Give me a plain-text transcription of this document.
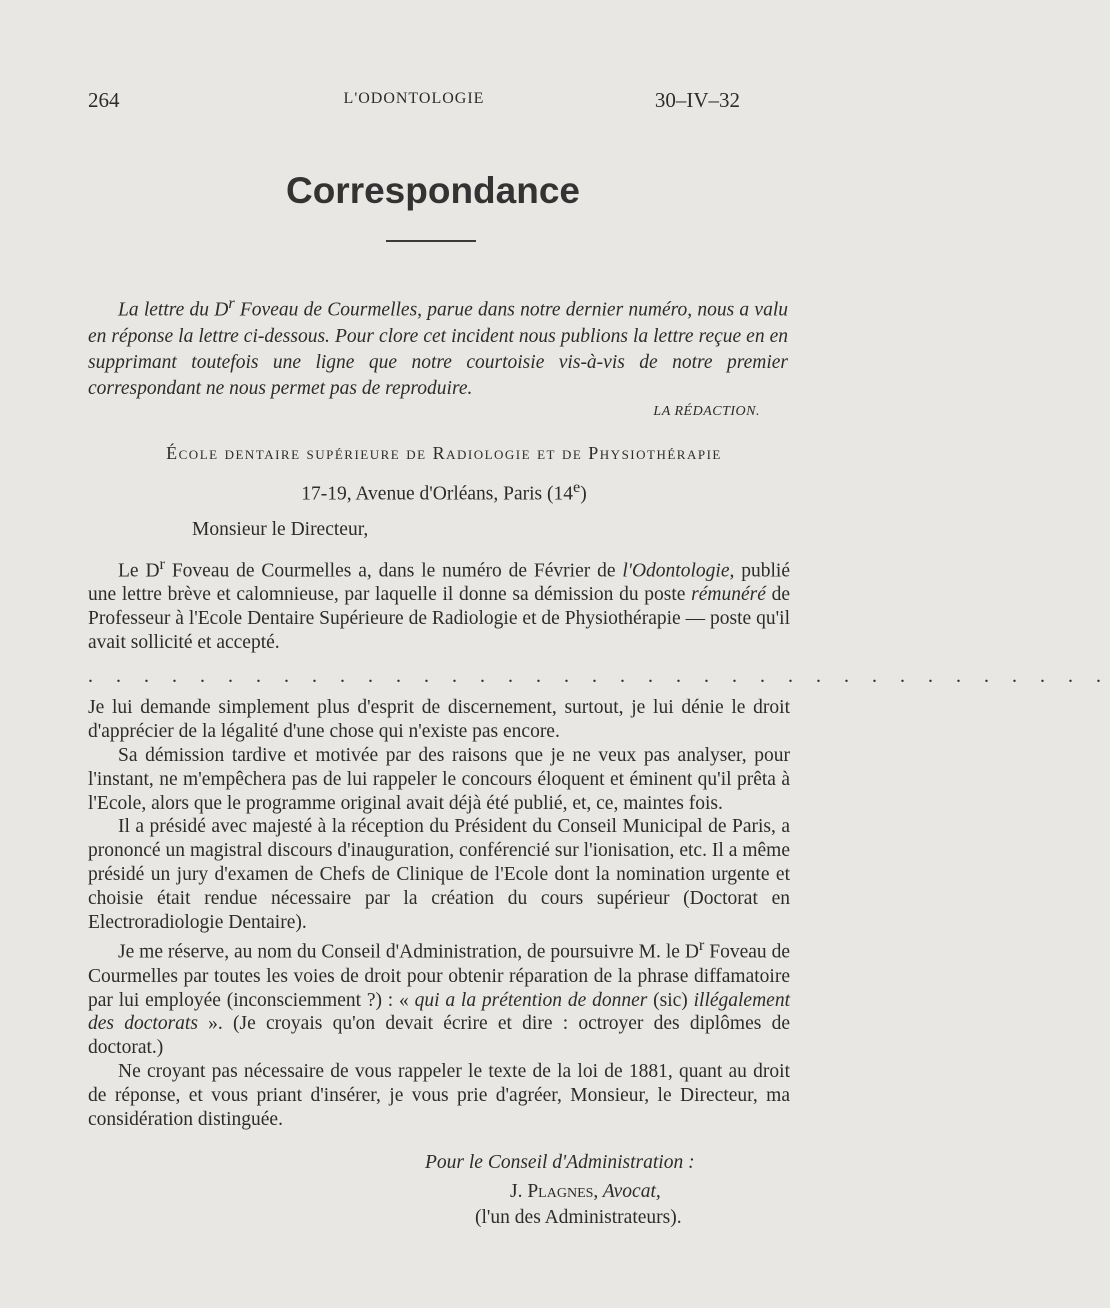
264	L'ODONTOLOGIE	30–IV–32
Correspondance

La lettre du $D^r$ Foveau de Courmelles, parue dans notre dernier numéro, nous a valu en réponse la lettre ci-dessous. Pour clore cet incident nous publions la lettre reçue en en supprimant toutefois une ligne que notre courtoisie vis-à-vis de notre premier correspondant ne nous permet pas de reproduire.

LA RÉDACTION.
École dentaire supérieure de Radiologie et de Physiothérapie
17-19, Avenue d'Orléans, Paris (14e)
Monsieur le Directeur,

Le $D^r$ Foveau de Courmelles a, dans le numéro de Février de l'Odontologie, publié une lettre brève et calomnieuse, par laquelle il donne sa démission du poste rémunéré de Professeur à l'Ecole Dentaire Supérieure de Radiologie et de Physiothérapie — poste qu'il avait sollicité et accepté.

. . . . . . . . . . . . . . . . . . . . . . . . . . . . . . . . . . . . .

Je lui demande simplement plus d'esprit de discernement, surtout, je lui dénie le droit d'apprécier de la légalité d'une chose qui n'existe pas encore.

Sa démission tardive et motivée par des raisons que je ne veux pas analyser, pour l'instant, ne m'empêchera pas de lui rappeler le concours éloquent et éminent qu'il prêta à l'Ecole, alors que le programme original avait déjà été publié, et, ce, maintes fois.

Il a présidé avec majesté à la réception du Président du Conseil Municipal de Paris, a prononcé un magistral discours d'inauguration, conférencié sur l'ionisation, etc. Il a même présidé un jury d'examen de Chefs de Clinique de l'Ecole dont la nomination urgente et choisie était rendue nécessaire par la création du cours supérieur (Doctorat en Electroradiologie Dentaire).

Je me réserve, au nom du Conseil d'Administration, de poursuivre M. le $D^r$ Foveau de Courmelles par toutes les voies de droit pour obtenir réparation de la phrase diffamatoire par lui employée (inconsciemment ?) : « qui a la prétention de donner (sic) illégalement des doctorats ». (Je croyais qu'on devait écrire et dire : octroyer des diplômes de doctorat.)

Ne croyant pas nécessaire de vous rappeler le texte de la loi de 1881, quant au droit de réponse, et vous priant d'insérer, je vous prie d'agréer, Monsieur, le Directeur, ma considération distinguée.

Pour le Conseil d'Administration :
J. Plagnes, Avocat,
(l'un des Administrateurs).
